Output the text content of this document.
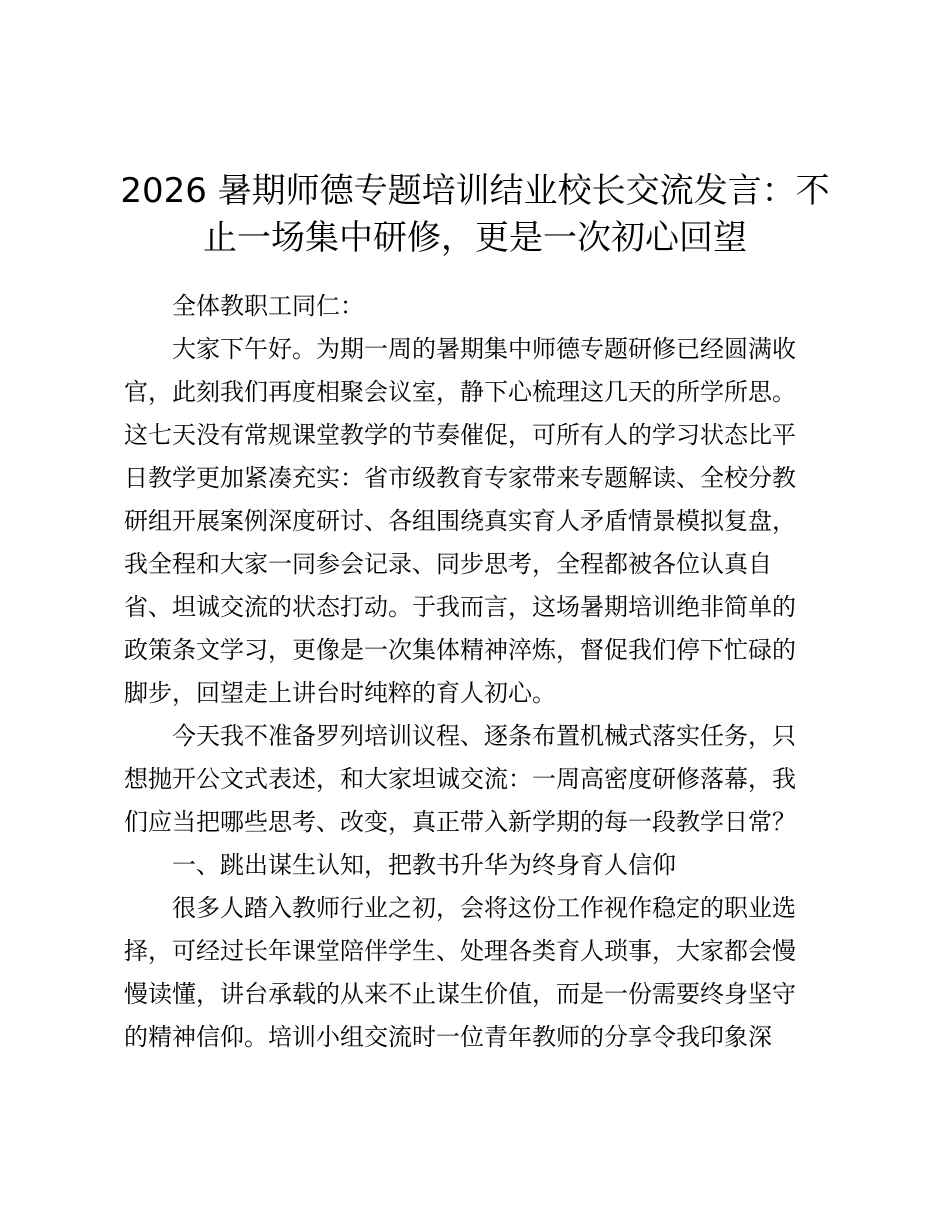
2026 暑期师德专题培训结业校长交流发言：不
止一场集中研修，更是一次初心回望
全体教职工同仁：
大家下午好。为期一周的暑期集中师德专题研修已经圆满收
官，此刻我们再度相聚会议室，静下心梳理这几天的所学所思。
这七天没有常规课堂教学的节奏催促，可所有人的学习状态比平
日教学更加紧凑充实：省市级教育专家带来专题解读、全校分教
研组开展案例深度研讨、各组围绕真实育人矛盾情景模拟复盘，
我全程和大家一同参会记录、同步思考，全程都被各位认真自
省、坦诚交流的状态打动。于我而言，这场暑期培训绝非简单的
政策条文学习，更像是一次集体精神淬炼，督促我们停下忙碌的
脚步，回望走上讲台时纯粹的育人初心。
今天我不准备罗列培训议程、逐条布置机械式落实任务，只
想抛开公文式表述，和大家坦诚交流：一周高密度研修落幕，我
们应当把哪些思考、改变，真正带入新学期的每一段教学日常？
一、跳出谋生认知，把教书升华为终身育人信仰
很多人踏入教师行业之初，会将这份工作视作稳定的职业选
择，可经过长年课堂陪伴学生、处理各类育人琐事，大家都会慢
慢读懂，讲台承载的从来不止谋生价值，而是一份需要终身坚守
的精神信仰。培训小组交流时一位青年教师的分享令我印象深
